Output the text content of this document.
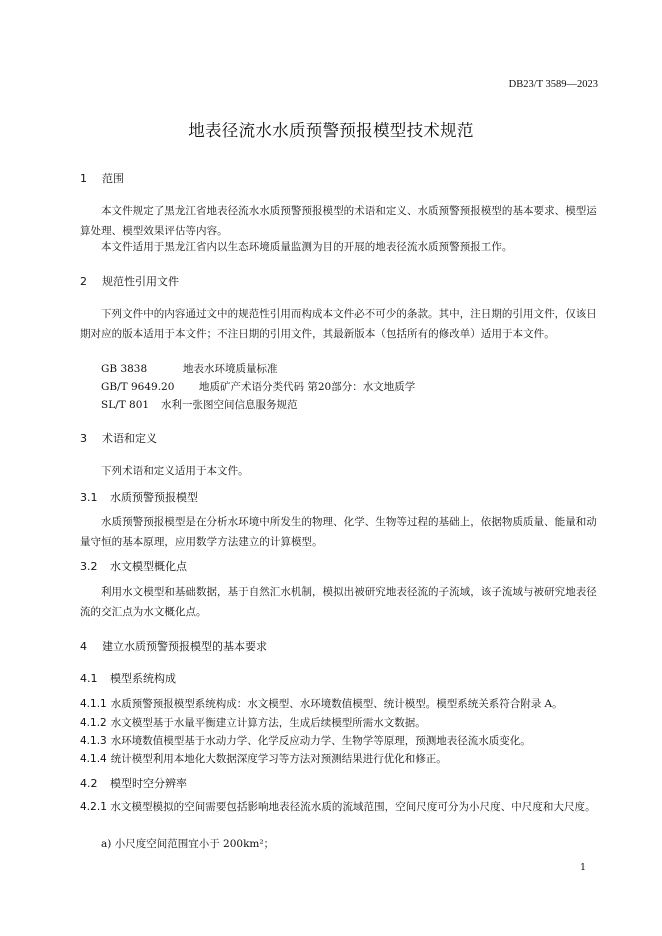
DB23/T 3589—2023
地表径流水水质预警预报模型技术规范
1 范围
本文件规定了黑龙江省地表径流水水质预警预报模型的术语和定义、水质预警预报模型的基本要求、模型运算处理、模型效果评估等内容。
本文件适用于黑龙江省内以生态环境质量监测为目的开展的地表径流水质预警预报工作。
2 规范性引用文件
下列文件中的内容通过文中的规范性引用而构成本文件必不可少的条款。其中，注日期的引用文件，仅该日期对应的版本适用于本文件；不注日期的引用文件，其最新版本（包括所有的修改单）适用于本文件。
GB 3838	地表水环境质量标准
GB/T 9649.20 地质矿产术语分类代码 第20部分：水文地质学
SL/T 801 水利一张图空间信息服务规范
3 术语和定义
下列术语和定义适用于本文件。
3.1 水质预警预报模型
水质预警预报模型是在分析水环境中所发生的物理、化学、生物等过程的基础上，依据物质质量、能量和动量守恒的基本原理，应用数学方法建立的计算模型。
3.2 水文模型概化点
利用水文模型和基础数据，基于自然汇水机制，模拟出被研究地表径流的子流域，该子流域与被研究地表径流的交汇点为水文概化点。
4 建立水质预警预报模型的基本要求
4.1 模型系统构成
4.1.1 水质预警预报模型系统构成：水文模型、水环境数值模型、统计模型。模型系统关系符合附录 A。
4.1.2 水文模型基于水量平衡建立计算方法，生成后续模型所需水文数据。
4.1.3 水环境数值模型基于水动力学、化学反应动力学、生物学等原理，预测地表径流水质变化。
4.1.4 统计模型利用本地化大数据深度学习等方法对预测结果进行优化和修正。
4.2 模型时空分辨率
4.2.1 水文模型模拟的空间需要包括影响地表径流水质的流域范围，空间尺度可分为小尺度、中尺度和大尺度。
a) 小尺度空间范围宜小于 200km²；
1
